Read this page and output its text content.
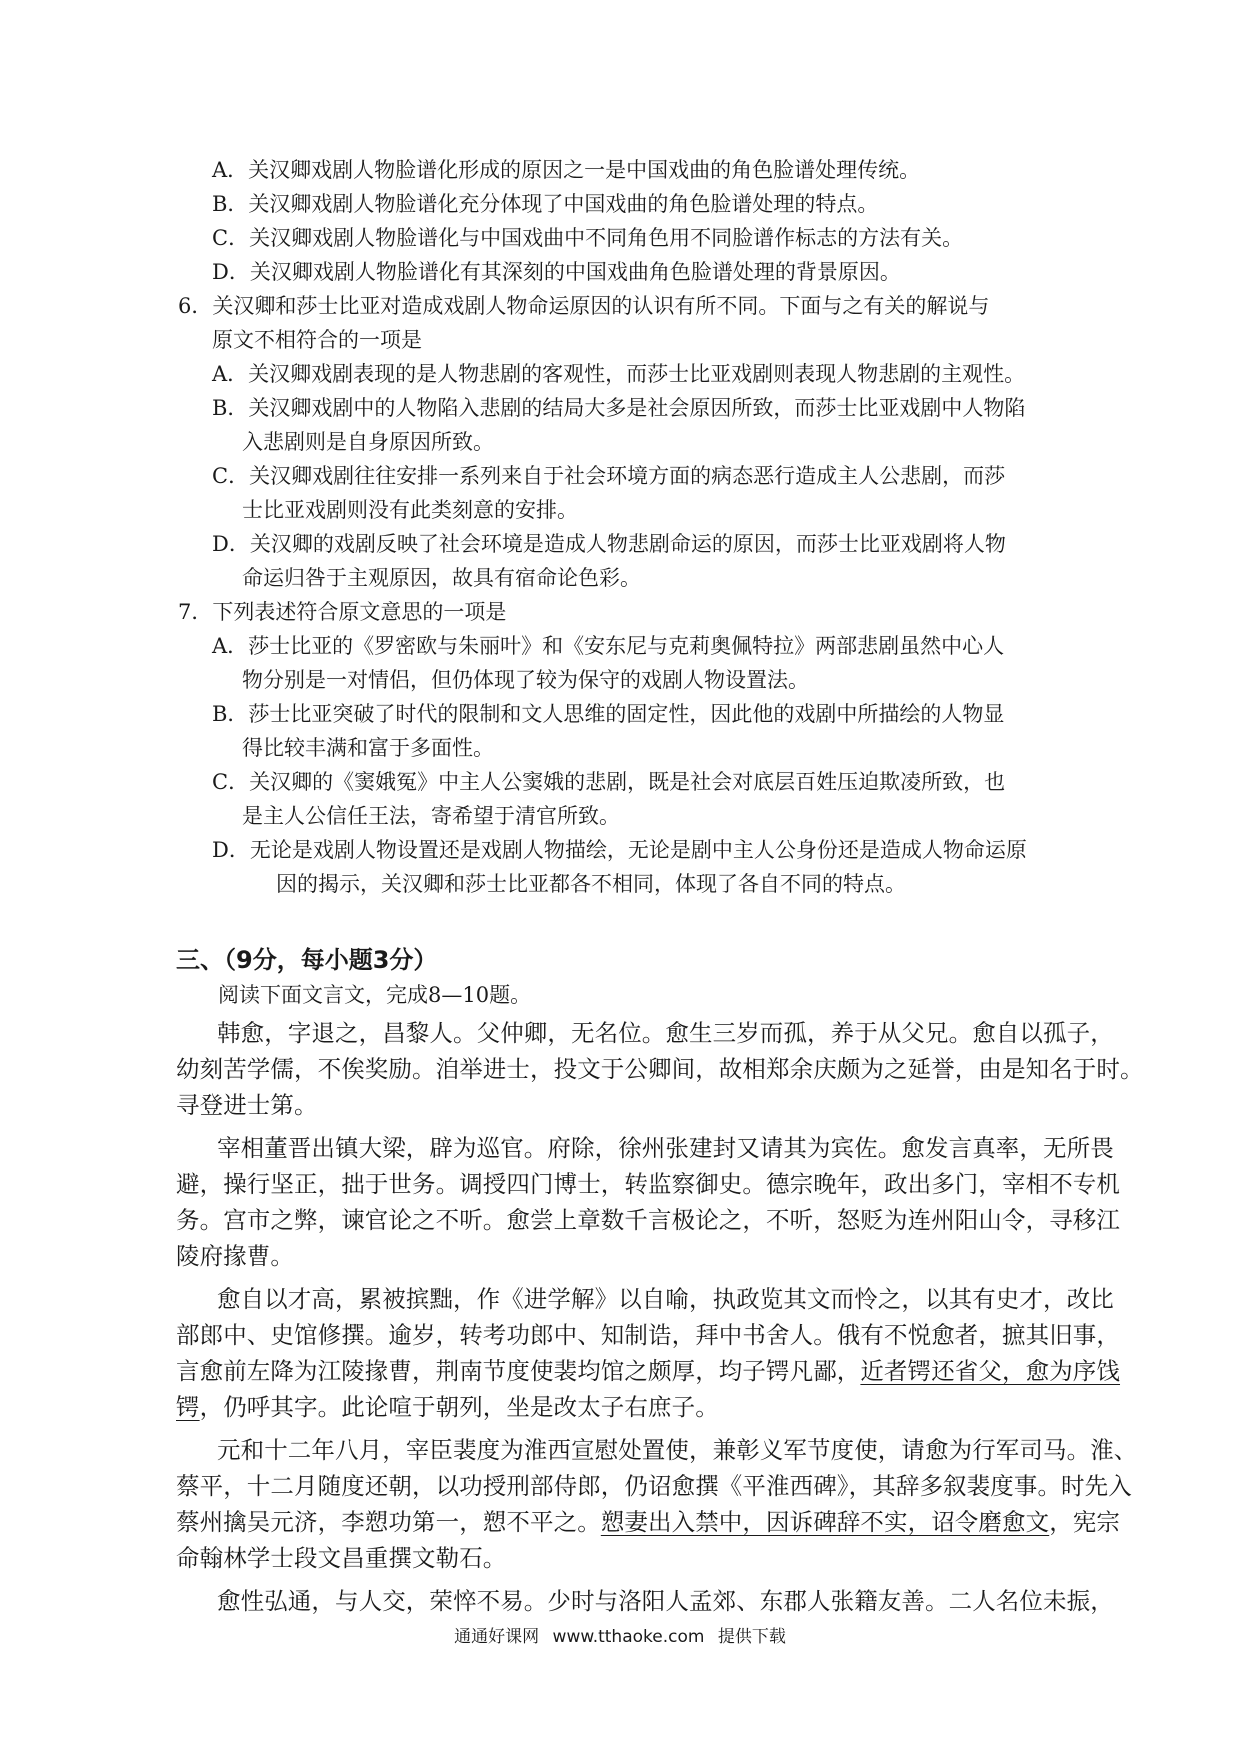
A．关汉卿戏剧人物脸谱化形成的原因之一是中国戏曲的角色脸谱处理传统。
B．关汉卿戏剧人物脸谱化充分体现了中国戏曲的角色脸谱处理的特点。
C．关汉卿戏剧人物脸谱化与中国戏曲中不同角色用不同脸谱作标志的方法有关。
D．关汉卿戏剧人物脸谱化有其深刻的中国戏曲角色脸谱处理的背景原因。
6．关汉卿和莎士比亚对造成戏剧人物命运原因的认识有所不同。下面与之有关的解说与
原文不相符合的一项是
A．关汉卿戏剧表现的是人物悲剧的客观性，而莎士比亚戏剧则表现人物悲剧的主观性。
B．关汉卿戏剧中的人物陷入悲剧的结局大多是社会原因所致，而莎士比亚戏剧中人物陷
入悲剧则是自身原因所致。
C．关汉卿戏剧往往安排一系列来自于社会环境方面的病态恶行造成主人公悲剧，而莎
士比亚戏剧则没有此类刻意的安排。
D．关汉卿的戏剧反映了社会环境是造成人物悲剧命运的原因，而莎士比亚戏剧将人物
命运归咎于主观原因，故具有宿命论色彩。
7．下列表述符合原文意思的一项是
A．莎士比亚的《罗密欧与朱丽叶》和《安东尼与克莉奥佩特拉》两部悲剧虽然中心人
物分别是一对情侣，但仍体现了较为保守的戏剧人物设置法。
B．莎士比亚突破了时代的限制和文人思维的固定性，因此他的戏剧中所描绘的人物显
得比较丰满和富于多面性。
C．关汉卿的《窦娥冤》中主人公窦娥的悲剧，既是社会对底层百姓压迫欺凌所致，也
是主人公信任王法，寄希望于清官所致。
D．无论是戏剧人物设置还是戏剧人物描绘，无论是剧中主人公身份还是造成人物命运原
因的揭示，关汉卿和莎士比亚都各不相同，体现了各自不同的特点。
三、（9分，每小题3分）
阅读下面文言文，完成8—10题。
韩愈，字退之，昌黎人。父仲卿，无名位。愈生三岁而孤，养于从父兄。愈自以孤子，
幼刻苦学儒，不俟奖励。洎举进士，投文于公卿间，故相郑余庆颇为之延誉，由是知名于时。
寻登进士第。
宰相董晋出镇大梁，辟为巡官。府除，徐州张建封又请其为宾佐。愈发言真率，无所畏
避，操行坚正，拙于世务。调授四门博士，转监察御史。德宗晚年，政出多门，宰相不专机
务。宫市之弊，谏官论之不听。愈尝上章数千言极论之，不听，怒贬为连州阳山令，寻移江
陵府掾曹。
愈自以才高，累被摈黜，作《进学解》以自喻，执政览其文而怜之，以其有史才，改比
部郎中、史馆修撰。逾岁，转考功郎中、知制诰，拜中书舍人。俄有不悦愈者，摭其旧事，
言愈前左降为江陵掾曹，荆南节度使裴均馆之颇厚，均子锷凡鄙，近者锷还省父，愈为序饯
锷，仍呼其字。此论喧于朝列，坐是改太子右庶子。
元和十二年八月，宰臣裴度为淮西宣慰处置使，兼彰义军节度使，请愈为行军司马。淮、
蔡平，十二月随度还朝，以功授刑部侍郎，仍诏愈撰《平淮西碑》，其辞多叙裴度事。时先入
蔡州擒吴元济，李愬功第一，愬不平之。愬妻出入禁中，因诉碑辞不实，诏令磨愈文，宪宗
命翰林学士段文昌重撰文勒石。
愈性弘通，与人交，荣悴不易。少时与洛阳人孟郊、东郡人张籍友善。二人名位未振，
通通好课网 www.tthaoke.com 提供下载
